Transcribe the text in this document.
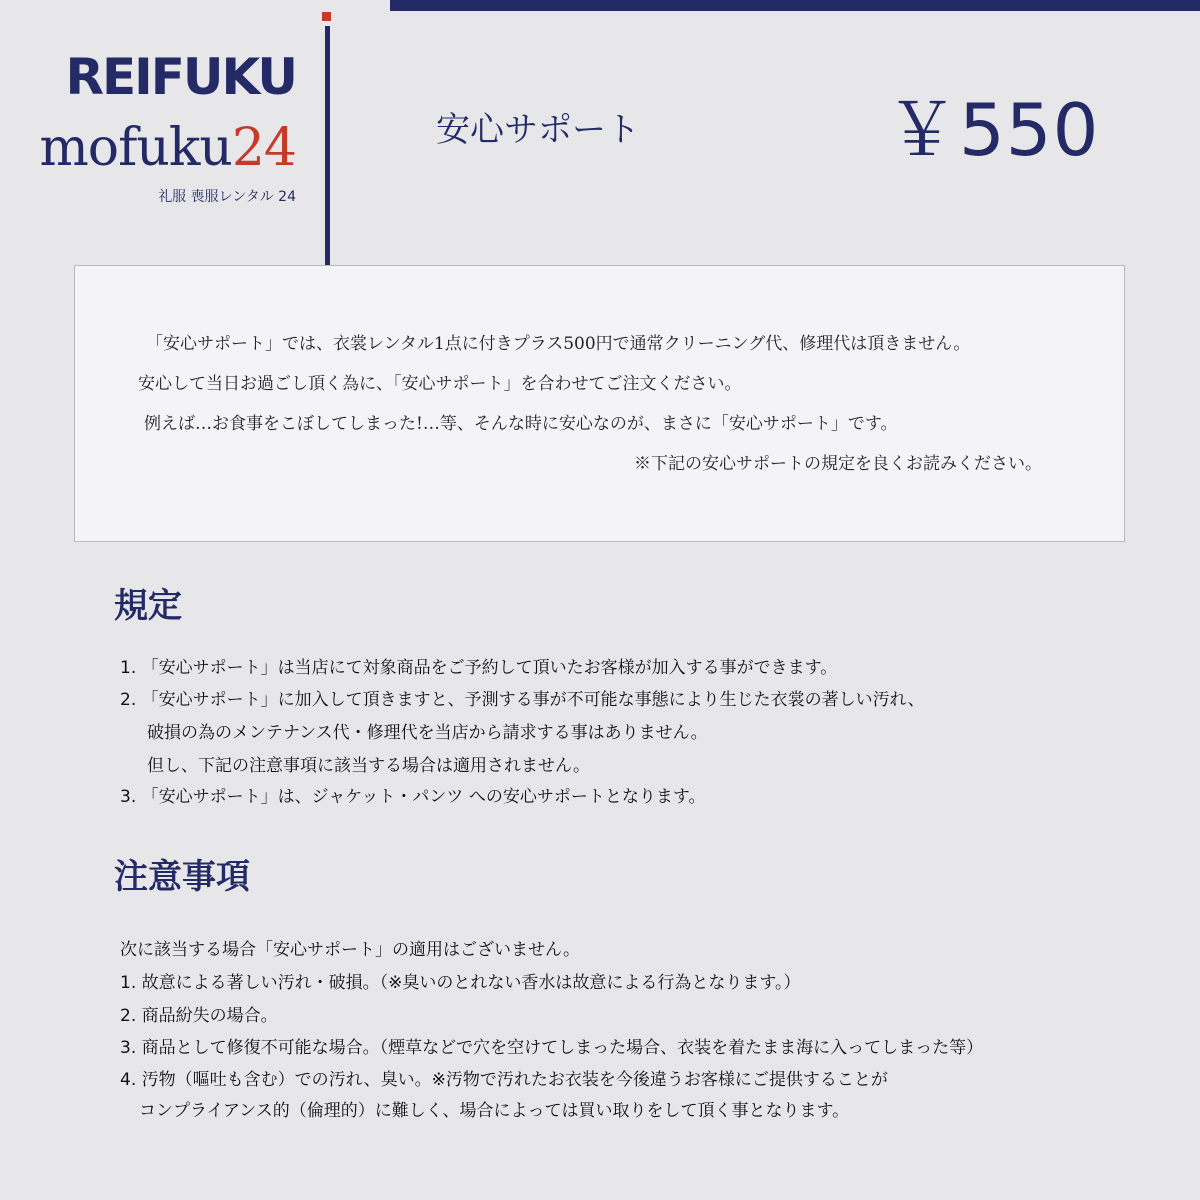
REIFUKU
mofuku24
礼服 喪服レンタル 24
安心サポート	￥550
「安心サポート」では、衣裳レンタル1点に付きプラス500円で通常クリーニング代、修理代は頂きません。
安心して当日お過ごし頂く為に、「安心サポート」を合わせてご注文ください。
例えば…お食事をこぼしてしまった!…等、そんな時に安心なのが、まさに「安心サポート」です。
※下記の安心サポートの規定を良くお読みください。
規定
1. 「安心サポート」は当店にて対象商品をご予約して頂いたお客様が加入する事ができます。
2. 「安心サポート」に加入して頂きますと、予測する事が不可能な事態により生じた衣裳の著しい汚れ、
破損の為のメンテナンス代・修理代を当店から請求する事はありません。
但し、下記の注意事項に該当する場合は適用されません。
3. 「安心サポート」は、ジャケット・パンツ への安心サポートとなります。
注意事項
次に該当する場合「安心サポート」の適用はございません。
1. 故意による著しい汚れ・破損。（※臭いのとれない香水は故意による行為となります。）
2. 商品紛失の場合。
3. 商品として修復不可能な場合。（煙草などで穴を空けてしまった場合、衣装を着たまま海に入ってしまった等）
4. 汚物（嘔吐も含む）での汚れ、臭い。※汚物で汚れたお衣装を今後違うお客様にご提供することが
コンプライアンス的（倫理的）に難しく、場合によっては買い取りをして頂く事となります。
